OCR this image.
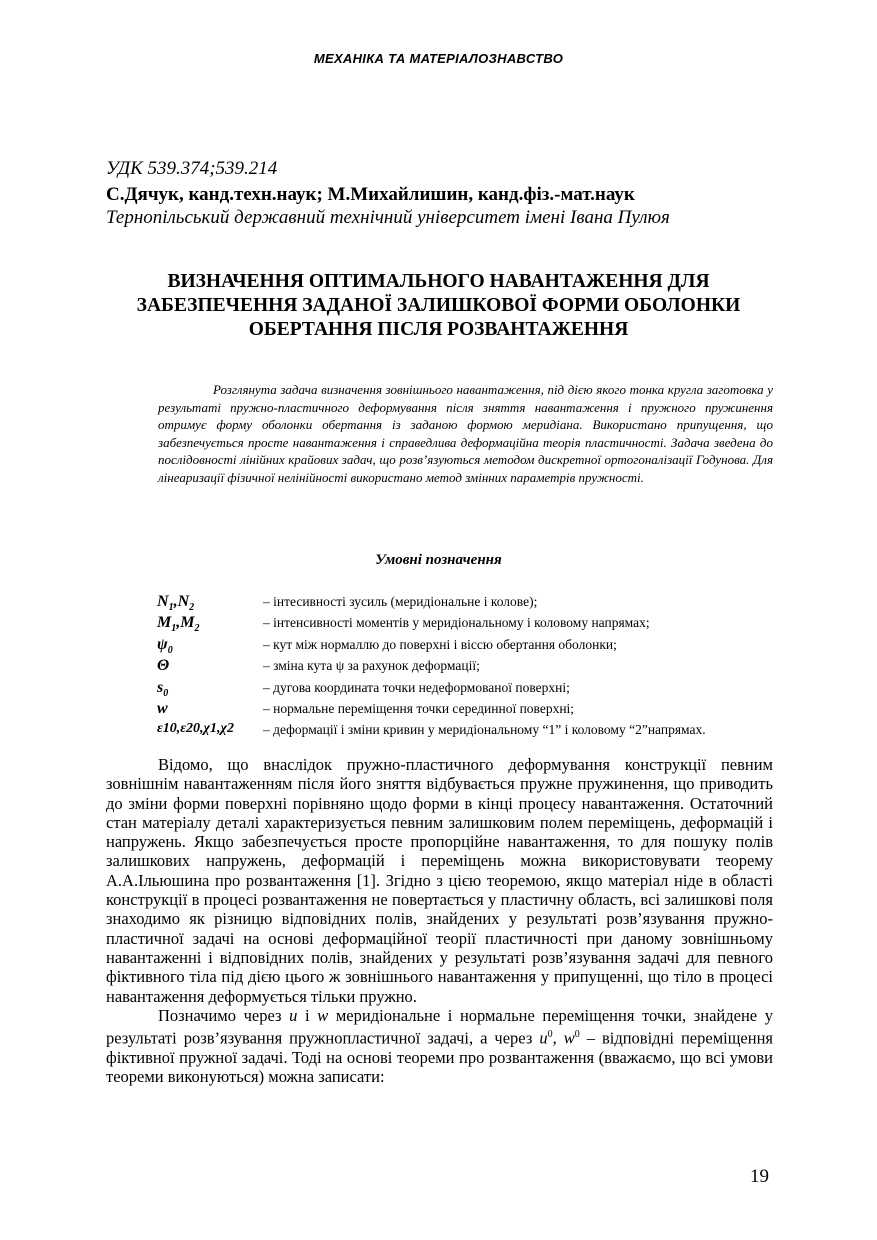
МЕХАНІКА ТА МАТЕРІАЛОЗНАВСТВО
УДК 539.374;539.214
С.Дячук, канд.техн.наук; М.Михайлишин, канд.фіз.-мат.наук
Тернопільський державний технічний університет імені Івана Пулюя
ВИЗНАЧЕННЯ ОПТИМАЛЬНОГО НАВАНТАЖЕННЯ ДЛЯ
ЗАБЕЗПЕЧЕННЯ ЗАДАНОЇ ЗАЛИШКОВОЇ ФОРМИ ОБОЛОНКИ
ОБЕРТАННЯ ПІСЛЯ РОЗВАНТАЖЕННЯ

Розглянута задача визначення зовнішнього навантаження, під дією якого тонка кругла заготовка у результаті пружно-пластичного деформування після зняття навантаження і пружного пружинення отримує форму оболонки обертання із заданою формою меридіана. Використано припущення, що забезпечується просте навантаження і справедлива деформаційна теорія пластичності. Задача зведена до послідовності лінійних крайових задач, що розв’язуються методом дискретної ортогоналізації Годунова. Для лінеаризації фізичної нелінійності використано метод змінних параметрів пружності.

Умовні позначення
$N_1,N_2$	– інтесивності зусиль (меридіональне і колове);
$M_1,M_2$	– інтенсивності моментів у меридіональному і коловому напрямах;
$\psi_0$	– кут між нормаллю до поверхні і віссю обертання оболонки;
Θ	– зміна кута ψ за рахунок деформації;
$s_0$	– дугова координата точки недеформованої поверхні;
w	– нормальне переміщення точки серединної поверхні;
ε10,ε20,χ1,χ2 – деформації і зміни кривин у меридіональному “1” і коловому “2”напрямах.

Відомо, що внаслідок пружно-пластичного деформування конструкції певним зовнішнім навантаженням після його зняття відбувається пружне пружинення, що приводить до зміни форми поверхні порівняно щодо форми в кінці процесу навантаження. Остаточний стан матеріалу деталі характеризується певним залишковим полем переміщень, деформацій і напружень. Якщо забезпечується просте пропорційне навантаження, то для пошуку полів залишкових напружень, деформацій і переміщень можна використовувати теорему А.А.Ільюшина про розвантаження [1]. Згідно з цією теоремою, якщо матеріал ніде в області конструкції в процесі розвантаження не повертається у пластичну область, всі залишкові поля знаходимо як різницю відповідних полів, знайдених у результаті розв’язування пружно-пластичної задачі на основі деформаційної теорії пластичності при даному зовнішньому навантаженні і відповідних полів, знайдених у результаті розв’язування задачі для певного фіктивного тіла під дією цього ж зовнішнього навантаження у припущенні, що тіло в процесі навантаження деформується тільки пружно.

Позначимо через u і w меридіональне і нормальне переміщення точки, знайдене у результаті розв’язування пружнопластичної задачі, а через $u^0$, $w^0$ – відповідні переміщення фіктивної пружної задачі. Тоді на основі теореми про розвантаження (вважаємо, що всі умови теореми виконуються) можна записати:

19
